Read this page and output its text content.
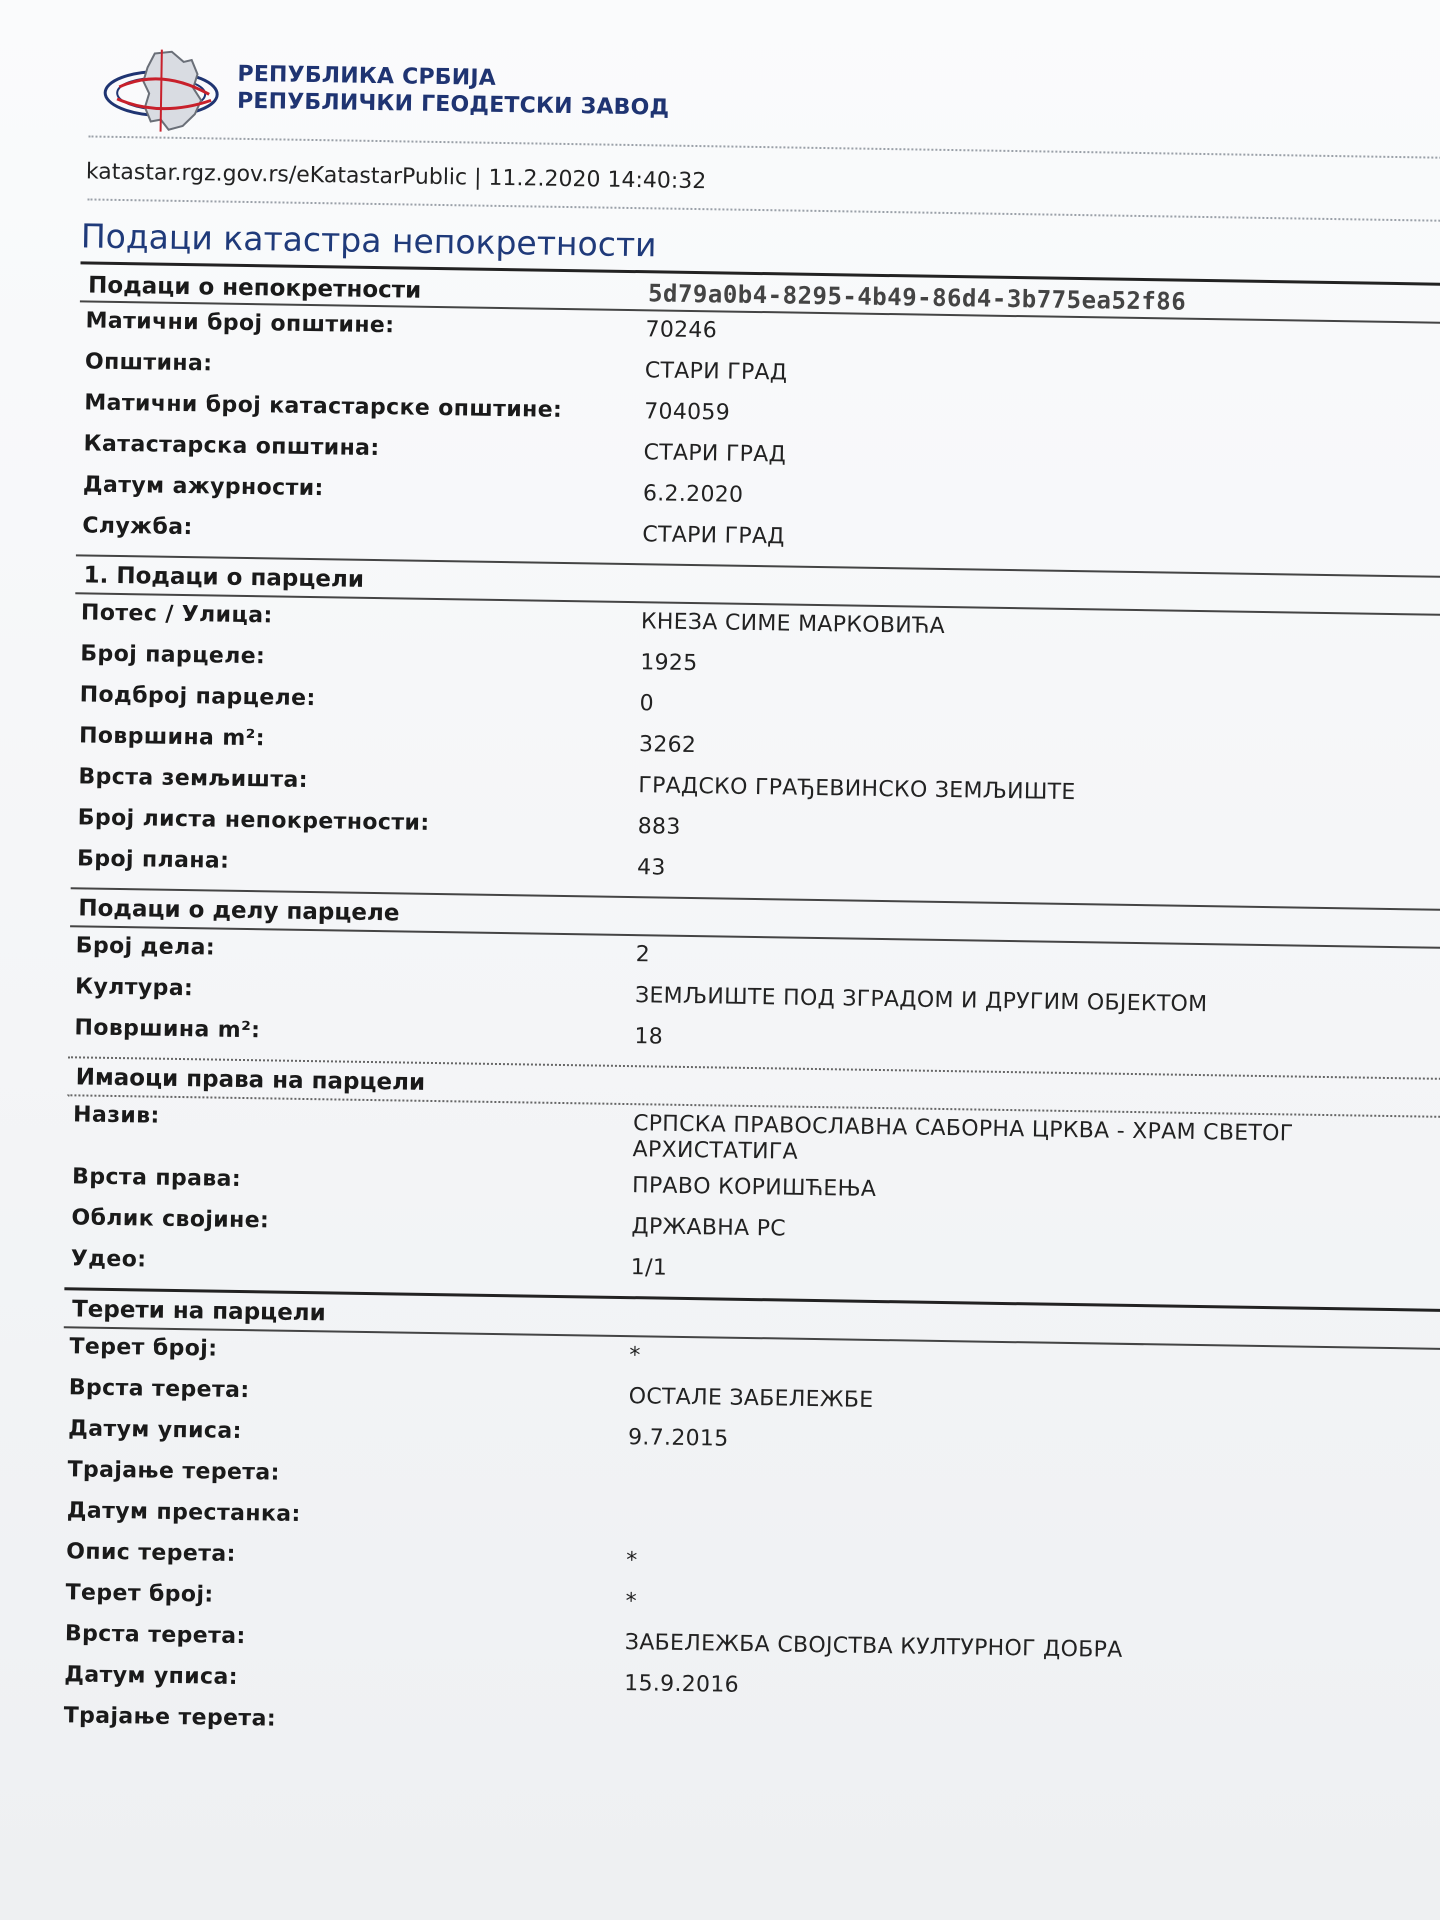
РЕПУБЛИКА СРБИЈА
РЕПУБЛИЧКИ ГЕОДЕТСКИ ЗАВОД
katastar.rgz.gov.rs/eKatastarPublic | 11.2.2020 14:40:32
Подаци катастра непокретности
Подаци о непокретности	5d79a0b4-8295-4b49-86d4-3b775ea52f86
Матични број општине:	70246
Општина:	СТАРИ ГРАД
Матични број катастарске општине:	704059
Катастарска општина:	СТАРИ ГРАД
Датум ажурности:	6.2.2020
Служба:	СТАРИ ГРАД
1. Подаци о парцели
Потес / Улица:	КНЕЗА СИМЕ МАРКОВИЋА
Број парцеле:	1925
Подброј парцеле:	0
Површина m²:	3262
Врста земљишта:	ГРАДСКО ГРАЂЕВИНСКО ЗЕМЉИШТЕ
Број листа непокретности:	883
Број плана:	43
Подаци о делу парцеле
Број дела:	2
Култура:	ЗЕМЉИШТЕ ПОД ЗГРАДОМ И ДРУГИМ ОБЈЕКТОМ
Површина m²:	18
Имаоци права на парцели
Назив:	СРПСКА ПРАВОСЛАВНА САБОРНА ЦРКВА - ХРАМ СВЕТОГ АРХИСТАТИГА
Врста права:	ПРАВО КОРИШЋЕЊА
Облик својине:	ДРЖАВНА РС
Удео:	1/1
Терети на парцели
Терет број:	*
Врста терета:	ОСТАЛЕ ЗАБЕЛЕЖБЕ
Датум уписа:	9.7.2015
Трајање терета:
Датум престанка:
Опис терета:	*
Терет број:	*
Врста терета:	ЗАБЕЛЕЖБА СВОЈСТВА КУЛТУРНОГ ДОБРА
Датум уписа:	15.9.2016
Трајање терета:
